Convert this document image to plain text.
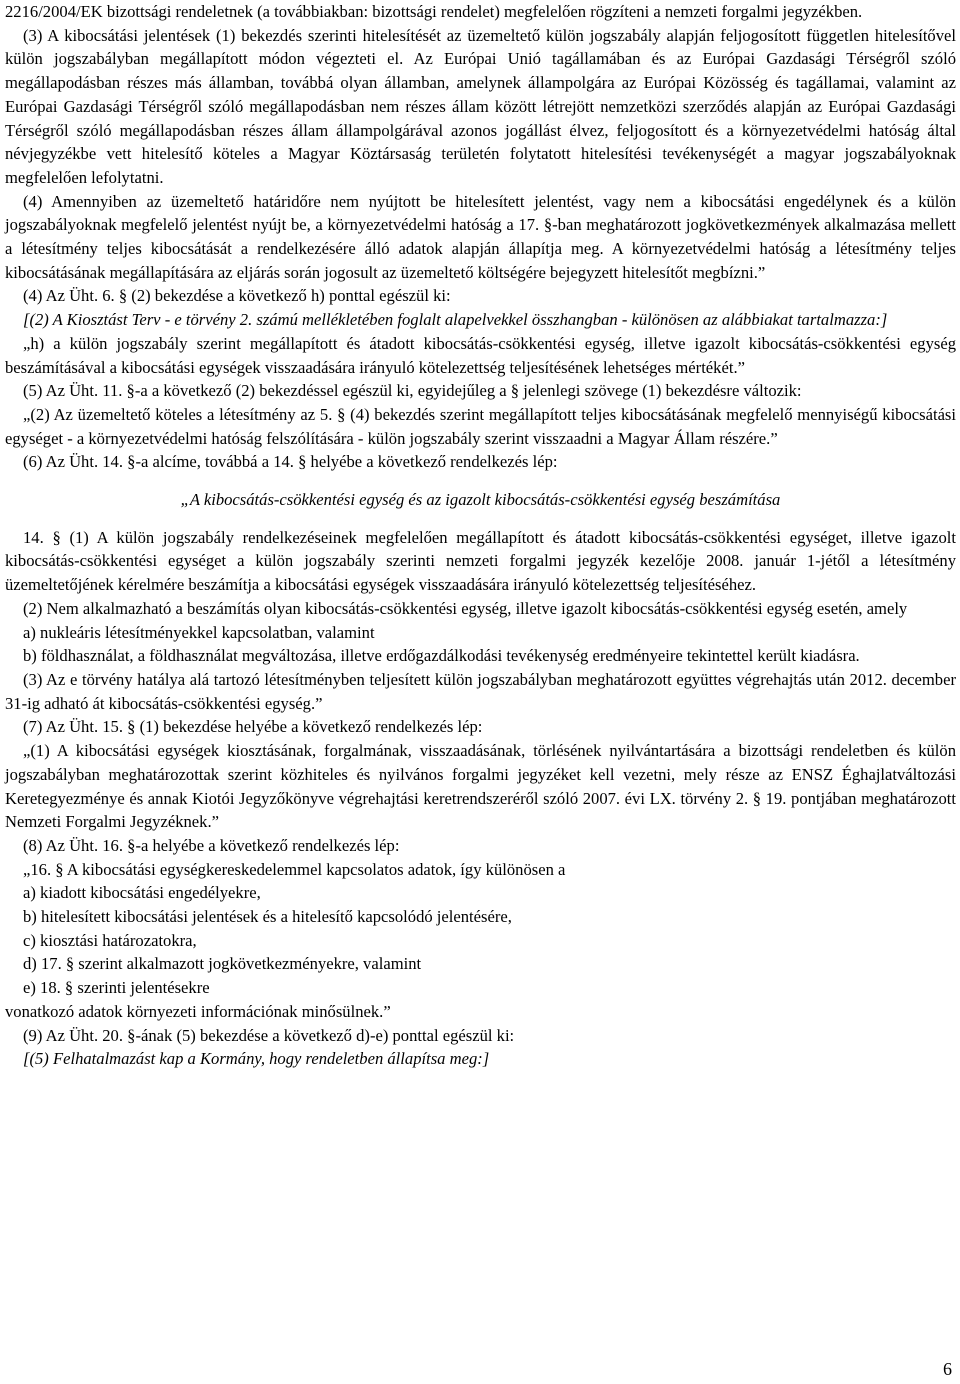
2216/2004/EK bizottsági rendeletnek (a továbbiakban: bizottsági rendelet) megfelelően rögzíteni a nemzeti forgalmi jegyzékben.

(3) A kibocsátási jelentések (1) bekezdés szerinti hitelesítését az üzemeltető külön jogszabály alapján feljogosított független hitelesítővel külön jogszabályban megállapított módon végezteti el. Az Európai Unió tagállamában és az Európai Gazdasági Térségről szóló megállapodásban részes más államban, továbbá olyan államban, amelynek állampolgára az Európai Közösség és tagállamai, valamint az Európai Gazdasági Térségről szóló megállapodásban nem részes állam között létrejött nemzetközi szerződés alapján az Európai Gazdasági Térségről szóló megállapodásban részes állam állampolgárával azonos jogállást élvez, feljogosított és a környezetvédelmi hatóság által névjegyzékbe vett hitelesítő köteles a Magyar Köztársaság területén folytatott hitelesítési tevékenységét a magyar jogszabályoknak megfelelően lefolytatni.

(4) Amennyiben az üzemeltető határidőre nem nyújtott be hitelesített jelentést, vagy nem a kibocsátási engedélynek és a külön jogszabályoknak megfelelő jelentést nyújt be, a környezetvédelmi hatóság a 17. §-ban meghatározott jogkövetkezmények alkalmazása mellett a létesítmény teljes kibocsátását a rendelkezésére álló adatok alapján állapítja meg. A környezetvédelmi hatóság a létesítmény teljes kibocsátásának megállapítására az eljárás során jogosult az üzemeltető költségére bejegyzett hitelesítőt megbízni.”

(4) Az Üht. 6. § (2) bekezdése a következő h) ponttal egészül ki:

[(2) A Kiosztást Terv - e törvény 2. számú mellékletében foglalt alapelvekkel összhangban - különösen az alábbiakat tartalmazza:]

„h) a külön jogszabály szerint megállapított és átadott kibocsátás-csökkentési egység, illetve igazolt kibocsátás-csökkentési egység beszámításával a kibocsátási egységek visszaadására irányuló kötelezettség teljesítésének lehetséges mértékét.”

(5) Az Üht. 11. §-a a következő (2) bekezdéssel egészül ki, egyidejűleg a § jelenlegi szövege (1) bekezdésre változik:

„(2) Az üzemeltető köteles a létesítmény az 5. § (4) bekezdés szerint megállapított teljes kibocsátásának megfelelő mennyiségű kibocsátási egységet - a környezetvédelmi hatóság felszólítására - külön jogszabály szerint visszaadni a Magyar Állam részére.”

(6) Az Üht. 14. §-a alcíme, továbbá a 14. § helyébe a következő rendelkezés lép:

„A kibocsátás-csökkentési egység és az igazolt kibocsátás-csökkentési egység beszámítása

14. § (1) A külön jogszabály rendelkezéseinek megfelelően megállapított és átadott kibocsátás-csökkentési egységet, illetve igazolt kibocsátás-csökkentési egységet a külön jogszabály szerinti nemzeti forgalmi jegyzék kezelője 2008. január 1-jétől a létesítmény üzemeltetőjének kérelmére beszámítja a kibocsátási egységek visszaadására irányuló kötelezettség teljesítéséhez.

(2) Nem alkalmazható a beszámítás olyan kibocsátás-csökkentési egység, illetve igazolt kibocsátás-csökkentési egység esetén, amely

a) nukleáris létesítményekkel kapcsolatban, valamint

b) földhasználat, a földhasználat megváltozása, illetve erdőgazdálkodási tevékenység eredményeire tekintettel került kiadásra.

(3) Az e törvény hatálya alá tartozó létesítményben teljesített külön jogszabályban meghatározott együttes végrehajtás után 2012. december 31-ig adható át kibocsátás-csökkentési egység.”

(7) Az Üht. 15. § (1) bekezdése helyébe a következő rendelkezés lép:

„(1) A kibocsátási egységek kiosztásának, forgalmának, visszaadásának, törlésének nyilvántartására a bizottsági rendeletben és külön jogszabályban meghatározottak szerint közhiteles és nyilvános forgalmi jegyzéket kell vezetni, mely része az ENSZ Éghajlatváltozási Keretegyezménye és annak Kiotói Jegyzőkönyve végrehajtási keretrendszeréről szóló 2007. évi LX. törvény 2. § 19. pontjában meghatározott Nemzeti Forgalmi Jegyzéknek.”

(8) Az Üht. 16. §-a helyébe a következő rendelkezés lép:

„16. § A kibocsátási egységkereskedelemmel kapcsolatos adatok, így különösen a

a) kiadott kibocsátási engedélyekre,

b) hitelesített kibocsátási jelentések és a hitelesítő kapcsolódó jelentésére,

c) kiosztási határozatokra,

d) 17. § szerint alkalmazott jogkövetkezményekre, valamint

e) 18. § szerinti jelentésekre

vonatkozó adatok környezeti információnak minősülnek.”

(9) Az Üht. 20. §-ának (5) bekezdése a következő d)-e) ponttal egészül ki:

[(5) Felhatalmazást kap a Kormány, hogy rendeletben állapítsa meg:]

6
